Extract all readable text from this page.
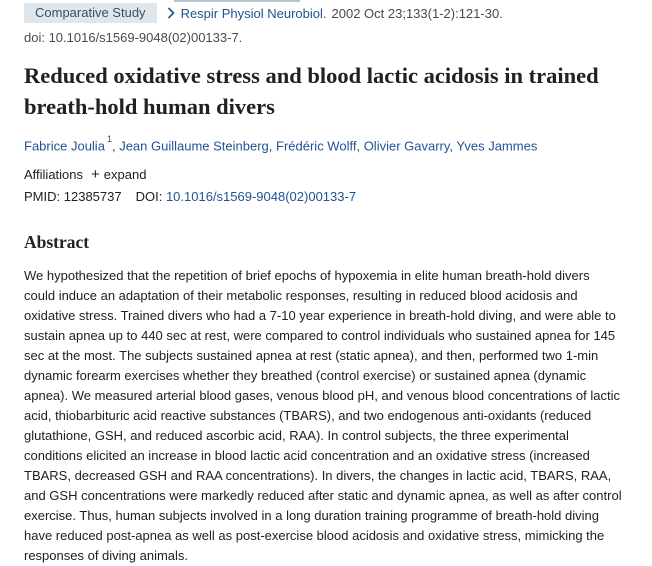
Comparative Study	Respir Physiol Neurobiol. 2002 Oct 23;133(1-2):121-30.
doi: 10.1016/s1569-9048(02)00133-7.
Reduced oxidative stress and blood lactic acidosis in trained breath-hold human divers
Fabrice Joulia $^1$, Jean Guillaume Steinberg, Frédéric Wolff, Olivier Gavarry, Yves Jammes
Affiliations + expand
PMID: 12385737 DOI: 10.1016/s1569-9048(02)00133-7
Abstract

We hypothesized that the repetition of brief epochs of hypoxemia in elite human breath-hold divers could induce an adaptation of their metabolic responses, resulting in reduced blood acidosis and oxidative stress. Trained divers who had a 7-10 year experience in breath-hold diving, and were able to sustain apnea up to 440 sec at rest, were compared to control individuals who sustained apnea for 145 sec at the most. The subjects sustained apnea at rest (static apnea), and then, performed two 1-min dynamic forearm exercises whether they breathed (control exercise) or sustained apnea (dynamic apnea). We measured arterial blood gases, venous blood pH, and venous blood concentrations of lactic acid, thiobarbituric acid reactive substances (TBARS), and two endogenous anti-oxidants (reduced glutathione, GSH, and reduced ascorbic acid, RAA). In control subjects, the three experimental conditions elicited an increase in blood lactic acid concentration and an oxidative stress (increased TBARS, decreased GSH and RAA concentrations). In divers, the changes in lactic acid, TBARS, RAA, and GSH concentrations were markedly reduced after static and dynamic apnea, as well as after control exercise. Thus, human subjects involved in a long duration training programme of breath-hold diving have reduced post-apnea as well as post-exercise blood acidosis and oxidative stress, mimicking the responses of diving animals.
